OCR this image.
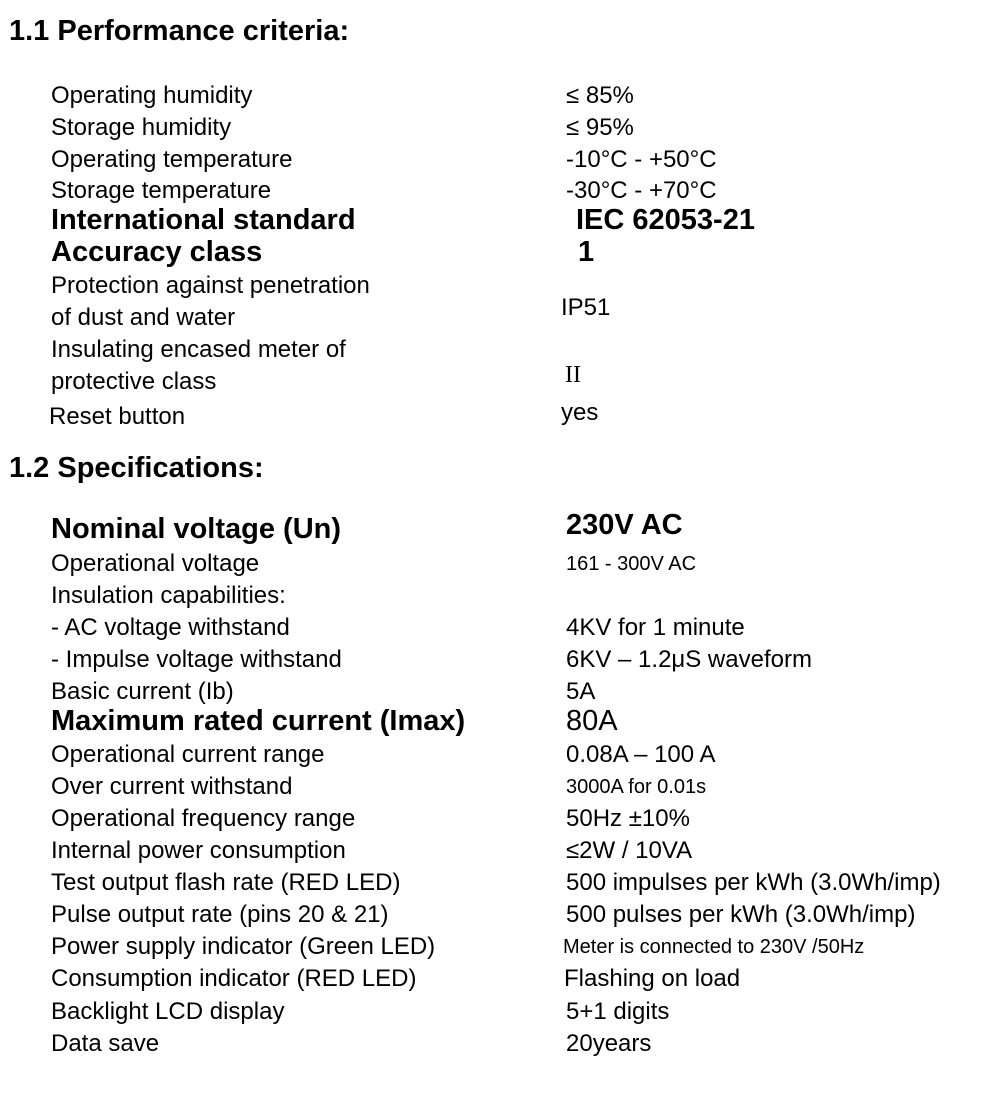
1.1 Performance criteria:
Operating humidity	≤ 85%
Storage humidity	≤ 95%
Operating temperature	-10°C - +50°C
Storage temperature	-30°C - +70°C
International standard	IEC 62053-21
Accuracy class	1
Protection against penetration
of dust and water	IP51
Insulating encased meter of
protective class	II
Reset button	yes
1.2 Specifications:
Nominal voltage (Un)	230V AC
Operational voltage	161 - 300V AC
Insulation capabilities:
- AC voltage withstand	4KV for 1 minute
- Impulse voltage withstand	6KV – 1.2μS waveform
Basic current (Ib)	5A
Maximum rated current (Imax)	80A
Operational current range	0.08A – 100 A
Over current withstand	3000A for 0.01s
Operational frequency range	50Hz ±10%
Internal power consumption	≤2W / 10VA
Test output flash rate (RED LED)	500 impulses per kWh (3.0Wh/imp)
Pulse output rate (pins 20 & 21)	500 pulses per kWh (3.0Wh/imp)
Power supply indicator (Green LED)	Meter is connected to 230V /50Hz
Consumption indicator (RED LED)	Flashing on load
Backlight LCD display	5+1 digits
Data save	20years
